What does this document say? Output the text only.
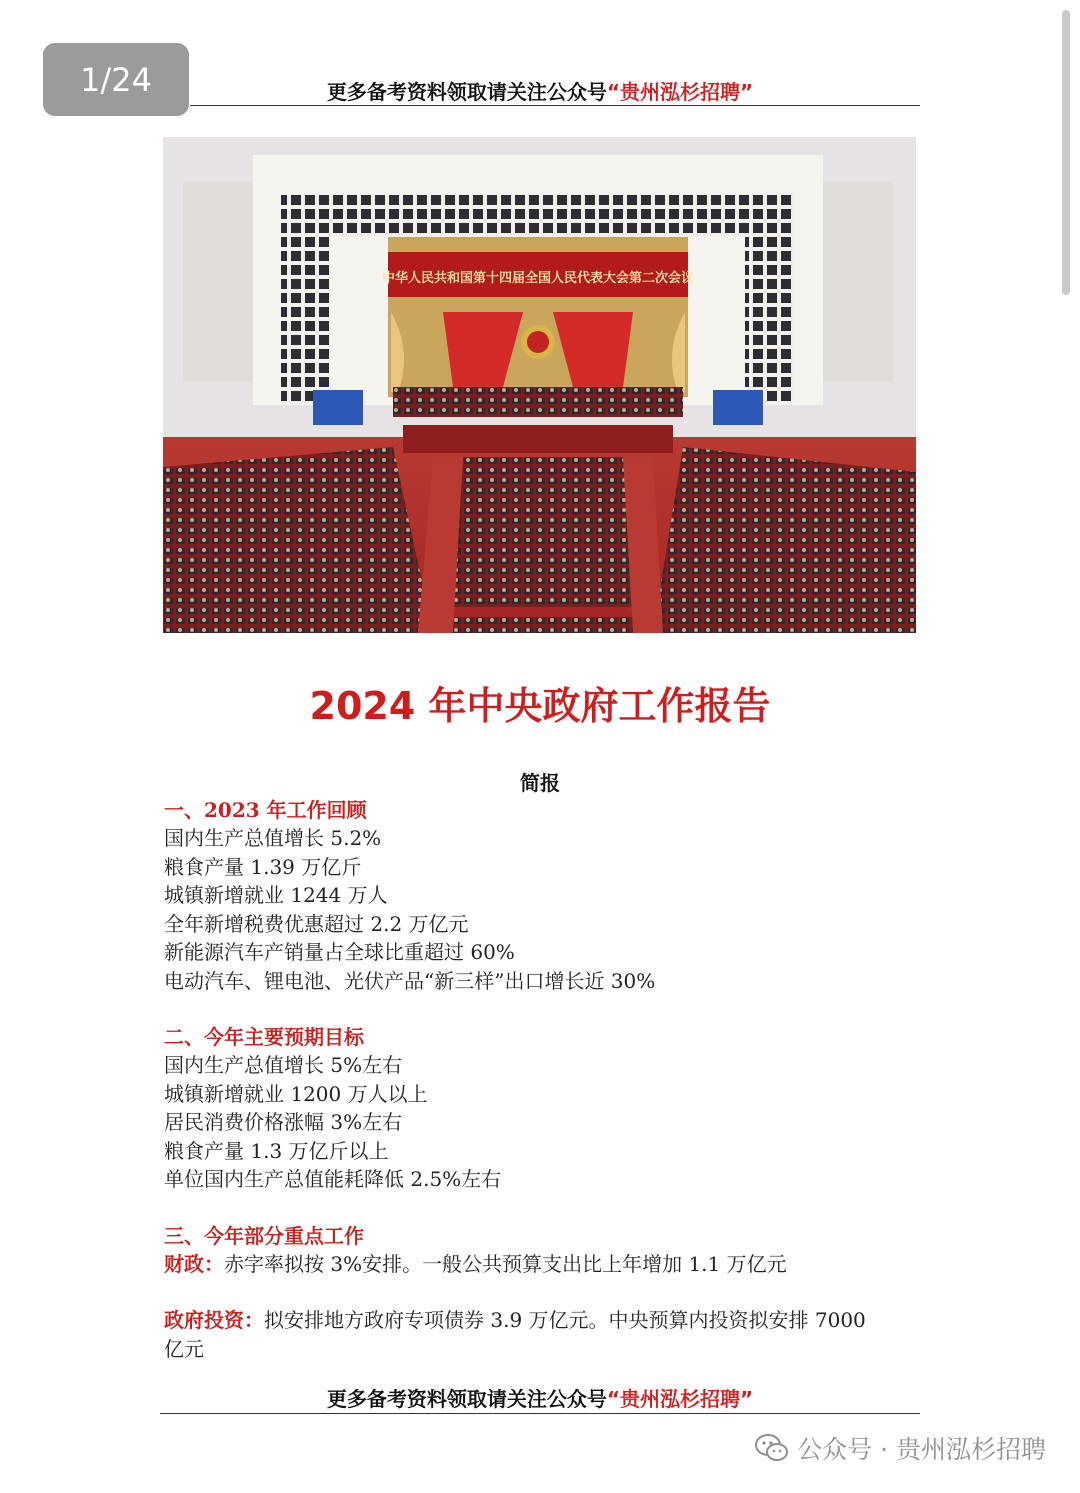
1/24	更多备考资料领取请关注公众号“贵州泓杉招聘”
中华人民共和国第十四届全国人民代表大会第二次会议
2024 年中央政府工作报告
简报
一、2023 年工作回顾
国内生产总值增长 5.2%
粮食产量 1.39 万亿斤
城镇新增就业 1244 万人
全年新增税费优惠超过 2.2 万亿元
新能源汽车产销量占全球比重超过 60%
电动汽车、锂电池、光伏产品“新三样”出口增长近 30%
二、今年主要预期目标
国内生产总值增长 5%左右
城镇新增就业 1200 万人以上
居民消费价格涨幅 3%左右
粮食产量 1.3 万亿斤以上
单位国内生产总值能耗降低 2.5%左右
三、今年部分重点工作
财政：赤字率拟按 3%安排。一般公共预算支出比上年增加 1.1 万亿元
政府投资：拟安排地方政府专项债券 3.9 万亿元。中央预算内投资拟安排 7000
亿元
更多备考资料领取请关注公众号“贵州泓杉招聘”
公众号 · 贵州泓杉招聘
